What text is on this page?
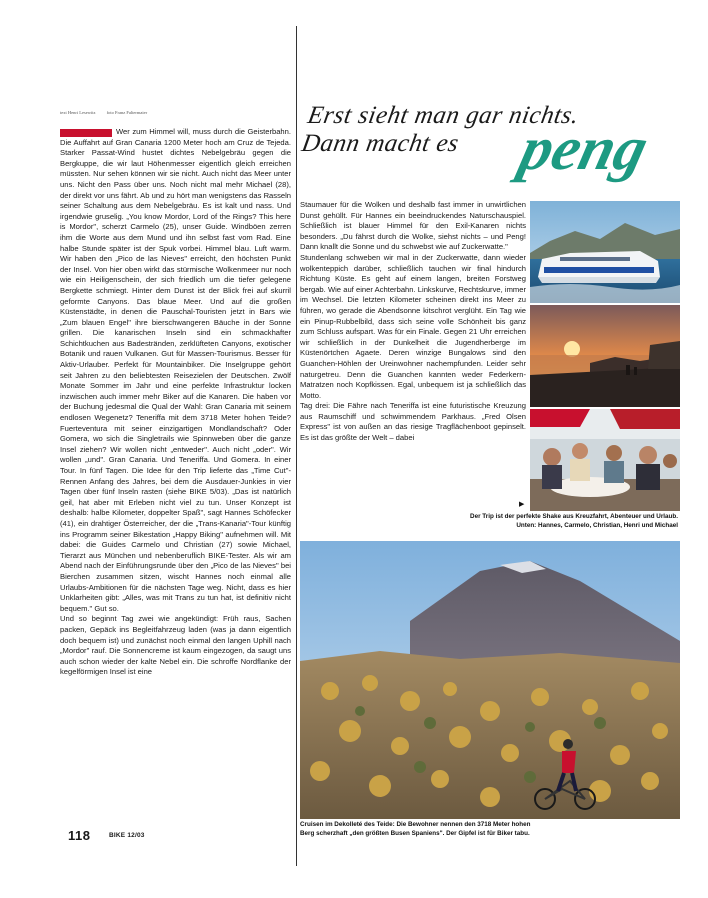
text Henri Lesewitz foto Franz Faltermaier

Wer zum Himmel will, muss durch die Geisterbahn. Die Auffahrt auf Gran Canaria 1200 Meter hoch am Cruz de Tejeda. Starker Passat-Wind hustet dichtes Nebelgebräu gegen die Bergkuppe, die wir laut Höhenmesser eigentlich gleich erreichen müssten. Nur sehen können wir sie nicht. Auch nicht das Meer unter uns. Nicht den Pass über uns. Noch nicht mal mehr Michael (28), der direkt vor uns fährt. Ab und zu hört man wenigstens das Rasseln seiner Schaltung aus dem Nebelgebräu. Es ist kalt und nass. Und irgendwie gruselig. „You know Mordor, Lord of the Rings? This here is Mordor", scherzt Carmelo (25), unser Guide. Windböen zerren ihm die Worte aus dem Mund und ihn selbst fast vom Rad. Eine halbe Stunde später ist der Spuk vorbei. Himmel blau. Luft warm. Wir haben den „Pico de las Nieves" erreicht, den höchsten Punkt der Insel. Von hier oben wirkt das stürmische Wolkenmeer nur noch wie ein Heiligenschein, der sich friedlich um die tiefer gelegene Bergkette schmiegt. Hinter dem Dunst ist der Blick frei auf skurril geformte Canyons. Das blaue Meer. Und auf die großen Küstenstädte, in denen die Pauschal-Touristen jetzt in Bars wie „Zum blauen Engel" ihre bierschwangeren Bäuche in der Sonne grillen. Die kanarischen Inseln sind ein schmackhafter Schichtkuchen aus Badestränden, zerklüfteten Canyons, exotischer Botanik und rauen Vulkanen. Gut für Massen-Tourismus. Besser für Aktiv-Urlauber. Perfekt für Mountainbiker. Die Inselgruppe gehört seit Jahren zu den beliebtesten Reisezielen der Deutschen. Zwölf Monate Sommer im Jahr und eine perfekte Infrastruktur locken inzwischen auch immer mehr Biker auf die Kanaren. Die haben vor der Buchung jedesmal die Qual der Wahl: Gran Canaria mit seinem endlosen Wegenetz? Teneriffa mit dem 3718 Meter hohen Teide? Fuerteventura mit seiner einzigartigen Mondlandschaft? Oder Gomera, wo sich die Singletrails wie Spinnweben über die ganze Insel ziehen? Wir wollen nicht „entweder". Auch nicht „oder". Wir wollen „und". Gran Canaria. Und Teneriffa. Und Gomera. In einer Tour. In fünf Tagen. Die Idee für den Trip lieferte das „Time Cut"-Rennen Anfang des Jahres, bei dem die Ausdauer-Junkies in vier Tagen über fünf Inseln rasten (siehe BIKE 5/03). „Das ist natürlich geil, hat aber mit Erleben nicht viel zu tun. Unser Konzept ist deshalb: halbe Kilometer, doppelter Spaß", sagt Hannes Schöfecker (41), ein drahtiger Österreicher, der die „Trans-Kanaria"-Tour künftig ins Programm seiner Bikestation „Happy Biking" aufnehmen will. Mit dabei: die Guides Carmelo und Christian (27) sowie Michael, Tierarzt aus München und nebenberuflich BIKE-Tester. Als wir am Abend nach der Einführungsrunde über den „Pico de las Nieves" bei Bierchen zusammen sitzen, wischt Hannes noch einmal alle Urlaubs-Ambitionen für die nächsten Tage weg. Nicht, dass es hier Unklarheiten gibt: „Alles, was mit Trans zu tun hat, ist definitiv nicht bequem." Gut so.

Und so beginnt Tag zwei wie angekündigt: Früh raus, Sachen packen, Gepäck ins Begleitfahrzeug laden (was ja dann eigentlich doch bequem ist) und zunächst noch einmal den langen Uphill nach „Mordor" rauf. Die Sonnencreme ist kaum eingezogen, da saugt uns auch schon wieder der kalte Nebel ein. Die schroffe Nordflanke der kegelförmigen Insel ist eine

Erst sieht man gar nichts.
Dann macht es peng

Staumauer für die Wolken und deshalb fast immer in unwirtlichen Dunst gehüllt. Für Hannes ein beeindruckendes Naturschauspiel. Schließlich ist blauer Himmel für den Exil-Kanaren nichts besonders. „Du fährst durch die Wolke, siehst nichts – und Peng! Dann knallt die Sonne und du schwebst wie auf Zuckerwatte."

Stundenlang schweben wir mal in der Zuckerwatte, dann wieder wolkenteppich darüber, schließlich tauchen wir final hindurch Richtung Küste. Es geht auf einem langen, breiten Forstweg bergab. Wie auf einer Achterbahn. Linkskurve, Rechtskurve, immer im Wechsel. Die letzten Kilometer scheinen direkt ins Meer zu führen, wo gerade die Abendsonne kitschrot verglüht. Ein Tag wie ein Pinup-Rubbelbild, dass sich seine volle Schönheit bis ganz zum Schluss aufspart. Was für ein Finale. Gegen 21 Uhr erreichen wir schließlich in der Dunkelheit die Jugendherberge im Küstenörtchen Agaete. Deren winzige Bungalows sind den Guanchen-Höhlen der Ureinwohner nachempfunden. Leider sehr naturgetreu. Denn die Guanchen kannten weder Federkern-Matratzen noch Kopfkissen. Egal, unbequem ist ja schließlich das Motto.

Tag drei: Die Fähre nach Teneriffa ist eine futuristische Kreuzung aus Raumschiff und schwimmendem Parkhaus. „Fred Olsen Express" ist von außen an das riesige Tragflächenboot gepinselt. Es ist das größte der Welt – dabei

▶
Der Trip ist der perfekte Shake aus Kreuzfahrt, Abenteuer und Urlaub.
Unten: Hannes, Carmelo, Christian, Henri und Michael
Cruisen im Dekolleté des Teide: Die Bewohner nennen den 3718 Meter hohen
Berg scherzhaft „den größten Busen Spaniens". Der Gipfel ist für Biker tabu.
118	BIKE 12/03
